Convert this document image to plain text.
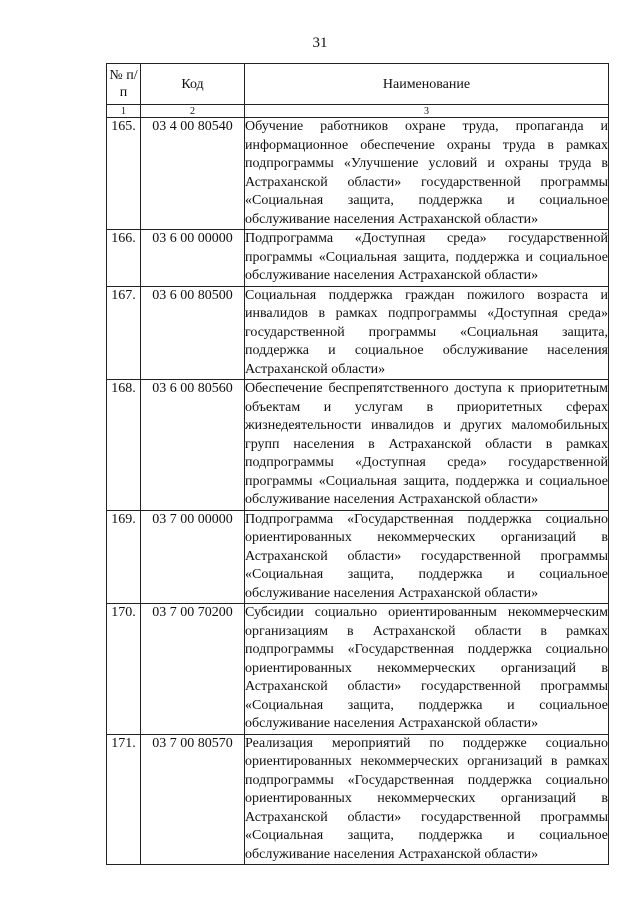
31
№ п/п	Код	Наименование
1	2	3
165.	03 4 00 80540	Обучение работников охране труда, пропаганда и информационное обеспечение охраны труда в рамках подпрограммы «Улучшение условий и охраны труда в Астраханской области» государственной программы «Социальная защита, поддержка и социальное обслуживание населения Астраханской области»
166.	03 6 00 00000	Подпрограмма «Доступная среда» государственной программы «Социальная защита, поддержка и социальное обслуживание населения Астраханской области»
167.	03 6 00 80500	Социальная поддержка граждан пожилого возраста и инвалидов в рамках подпрограммы «Доступная среда» государственной программы «Социальная защита, поддержка и социальное обслуживание населения Астраханской области»
168.	03 6 00 80560	Обеспечение беспрепятственного доступа к приоритетным объектам и услугам в приоритетных сферах жизнедеятельности инвалидов и других маломобильных групп населения в Астраханской области в рамках подпрограммы «Доступная среда» государственной программы «Социальная защита, поддержка и социальное обслуживание населения Астраханской области»
169.	03 7 00 00000	Подпрограмма «Государственная поддержка социально ориентированных некоммерческих организаций в Астраханской области» государственной программы «Социальная защита, поддержка и социальное обслуживание населения Астраханской области»
170.	03 7 00 70200	Субсидии социально ориентированным некоммерческим организациям в Астраханской области в рамках подпрограммы «Государственная поддержка социально ориентированных некоммерческих организаций в Астраханской области» государственной программы «Социальная защита, поддержка и социальное обслуживание населения Астраханской области»
171.	03 7 00 80570	Реализация мероприятий по поддержке социально ориентированных некоммерческих организаций в рамках подпрограммы «Государственная поддержка социально ориентированных некоммерческих организаций в Астраханской области» государственной программы «Социальная защита, поддержка и социальное обслуживание населения Астраханской области»
